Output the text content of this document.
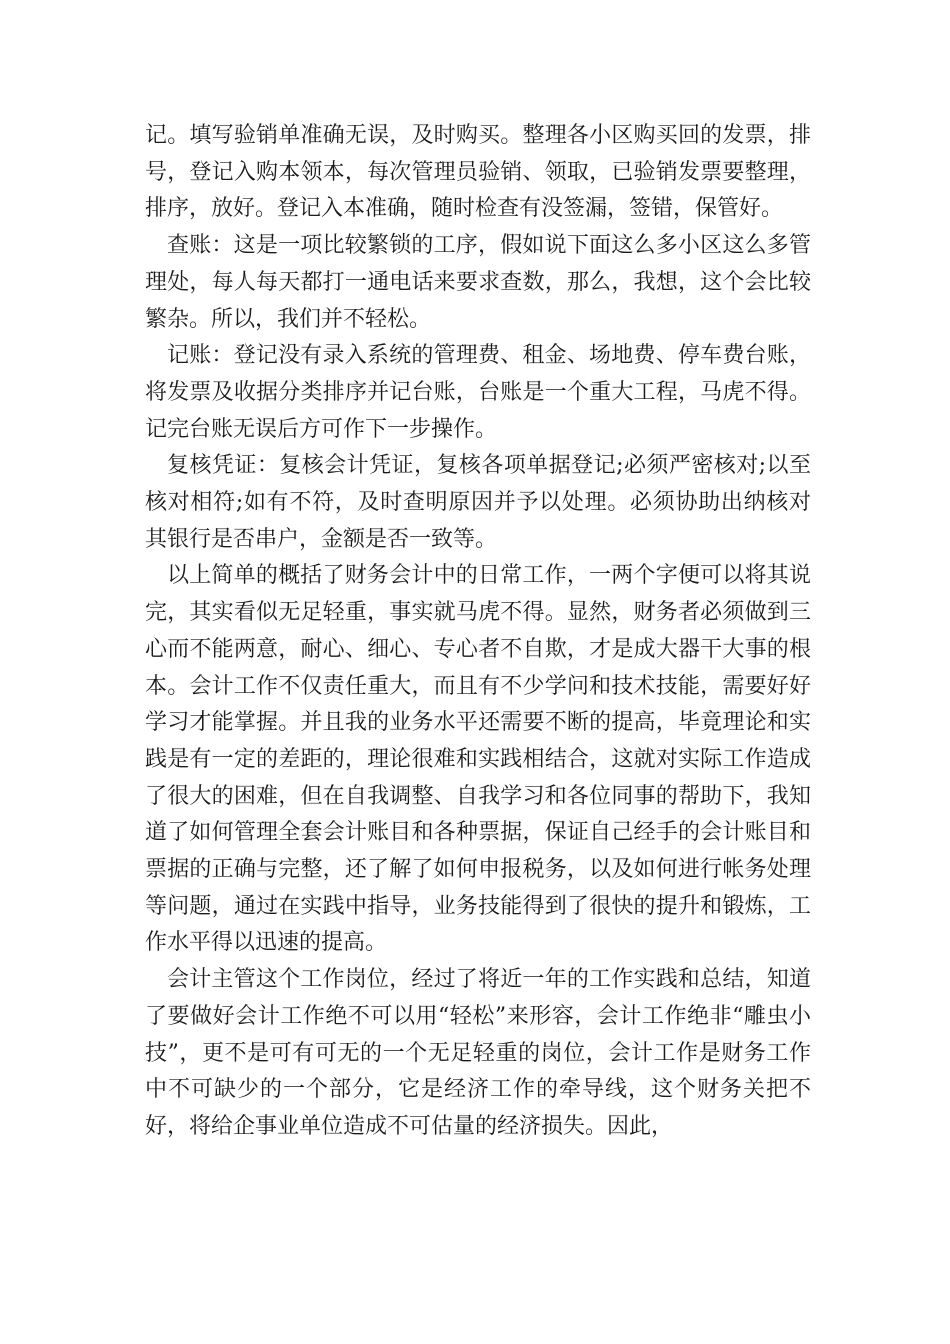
记。填写验销单准确无误，及时购买。整理各小区购买回的发票，排号，登记入购本领本，每次管理员验销、领取，已验销发票要整理，排序，放好。登记入本准确，随时检查有没签漏，签错，保管好。

查账：这是一项比较繁锁的工序，假如说下面这么多小区这么多管理处，每人每天都打一通电话来要求查数，那么，我想，这个会比较繁杂。所以，我们并不轻松。

记账：登记没有录入系统的管理费、租金、场地费、停车费台账，将发票及收据分类排序并记台账，台账是一个重大工程，马虎不得。记完台账无误后方可作下一步操作。

复核凭证：复核会计凭证，复核各项单据登记;必须严密核对;以至核对相符;如有不符，及时查明原因并予以处理。必须协助出纳核对其银行是否串户，金额是否一致等。

以上简单的概括了财务会计中的日常工作，一两个字便可以将其说完，其实看似无足轻重，事实就马虎不得。显然，财务者必须做到三心而不能两意，耐心、细心、专心者不自欺，才是成大器干大事的根本。会计工作不仅责任重大，而且有不少学问和技术技能，需要好好学习才能掌握。并且我的业务水平还需要不断的提高，毕竟理论和实践是有一定的差距的，理论很难和实践相结合，这就对实际工作造成了很大的困难，但在自我调整、自我学习和各位同事的帮助下，我知道了如何管理全套会计账目和各种票据，保证自己经手的会计账目和票据的正确与完整，还了解了如何申报税务，以及如何进行帐务处理等问题，通过在实践中指导，业务技能得到了很快的提升和锻炼，工作水平得以迅速的提高。

会计主管这个工作岗位，经过了将近一年的工作实践和总结，知道了要做好会计工作绝不可以用“轻松”来形容，会计工作绝非“雕虫小技”，更不是可有可无的一个无足轻重的岗位，会计工作是财务工作中不可缺少的一个部分，它是经济工作的牵导线，这个财务关把不好，将给企事业单位造成不可估量的经济损失。因此，
